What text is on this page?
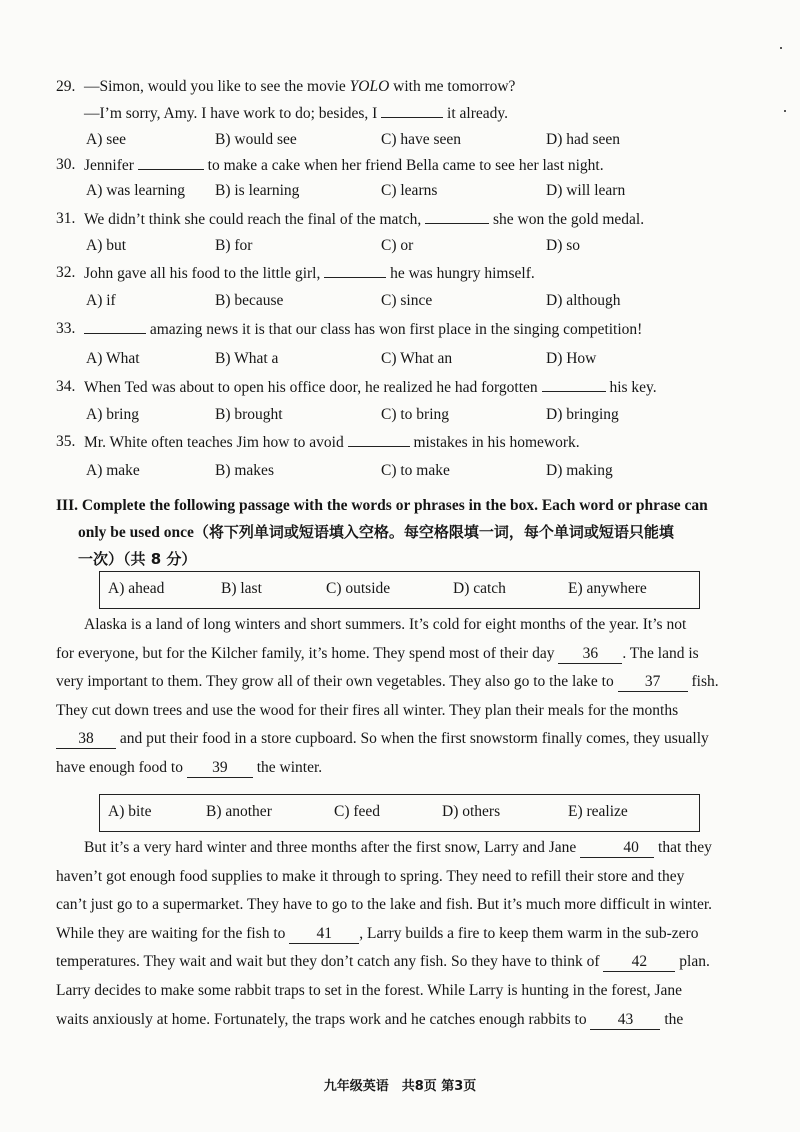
29. —Simon, would you like to see the movie YOLO with me tomorrow?
—I’m sorry, Amy. I have work to do; besides, I	it already.
A) see	B) would see	C) have seen	D) had seen
30. Jennifer	to make a cake when her friend Bella came to see her last night.
A) was learning B) is learning	C) learns	D) will learn
31. We didn’t think she could reach the final of the match,	she won the gold medal.
A) but	B) for	C) or	D) so
32. John gave all his food to the little girl,	he was hungry himself.
A) if	B) because	C) since	D) although
33.	amazing news it is that our class has won first place in the singing competition!
A) What	B) What a	C) What an	D) How
34. When Ted was about to open his office door, he realized he had forgotten	his key.
A) bring	B) brought	C) to bring	D) bringing
35. Mr. White often teaches Jim how to avoid	mistakes in his homework.
A) make	B) makes	C) to make	D) making
III. Complete the following passage with the words or phrases in the box. Each word or phrase can
only be used once（将下列单词或短语填入空格。每空格限填一词，每个单词或短语只能填
一次）（共 8 分）
A) ahead	B) last	C) outside	D) catch	E) anywhere
Alaska is a land of long winters and short summers. It’s cold for eight months of the year. It’s not
for everyone, but for the Kilcher family, it’s home. They spend most of their day 36 . The land is
very important to them. They grow all of their own vegetables. They also go to the lake to 37 fish.
They cut down trees and use the wood for their fires all winter. They plan their meals for the months
38 and put their food in a store cupboard. So when the first snowstorm finally comes, they usually
have enough food to 39 the winter.
A) bite	B) another	C) feed	D) others	E) realize
But it’s a very hard winter and three months after the first snow, Larry and Jane	40 that they
haven’t got enough food supplies to make it through to spring. They need to refill their store and they
can’t just go to a supermarket. They have to go to the lake and fish. But it’s much more difficult in winter.
While they are waiting for the fish to 41 , Larry builds a fire to keep them warm in the sub-zero
temperatures. They wait and wait but they don’t catch any fish. So they have to think of 42 plan.
Larry decides to make some rabbit traps to set in the forest. While Larry is hunting in the forest, Jane
waits anxiously at home. Fortunately, the traps work and he catches enough rabbits to 43 the
九年级英语　共8页 第3页
